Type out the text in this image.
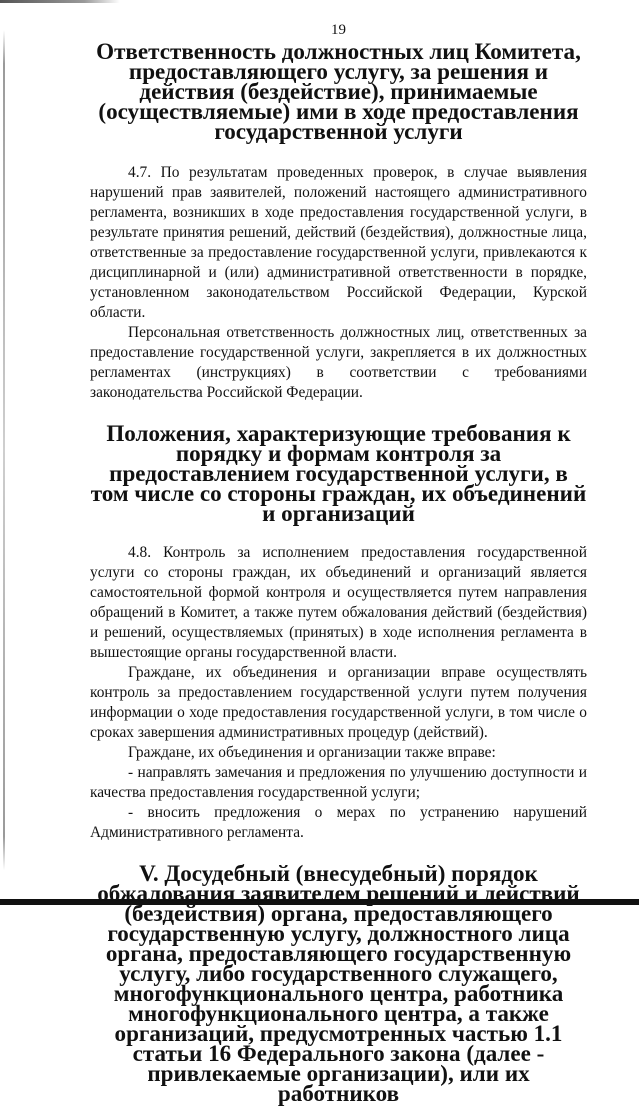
19
Ответственность должностных лиц Комитета, предоставляющего услугу, за решения и действия (бездействие), принимаемые (осуществляемые) ими в ходе предоставления государственной услуги

4.7. По результатам проведенных проверок, в случае выявления нарушений прав заявителей, положений настоящего административного регламента, возникших в ходе предоставления государственной услуги, в результате принятия решений, действий (бездействия), должностные лица, ответственные за предоставление государственной услуги, привлекаются к дисциплинарной и (или) административной ответственности в порядке, установленном законодательством Российской Федерации, Курской области.

Персональная ответственность должностных лиц, ответственных за предоставление государственной услуги, закрепляется в их должностных регламентах (инструкциях) в соответствии с требованиями законодательства Российской Федерации.

Положения, характеризующие требования к порядку и формам контроля за предоставлением государственной услуги, в том числе со стороны граждан, их объединений и организаций

4.8. Контроль за исполнением предоставления государственной услуги со стороны граждан, их объединений и организаций является самостоятельной формой контроля и осуществляется путем направления обращений в Комитет, а также путем обжалования действий (бездействия) и решений, осуществляемых (принятых) в ходе исполнения регламента в вышестоящие органы государственной власти.

Граждане, их объединения и организации вправе осуществлять контроль за предоставлением государственной услуги путем получения информации о ходе предоставления государственной услуги, в том числе о сроках завершения административных процедур (действий).

Граждане, их объединения и организации также вправе:

- направлять замечания и предложения по улучшению доступности и качества предоставления государственной услуги;

- вносить предложения о мерах по устранению нарушений Административного регламента.

V. Досудебный (внесудебный) порядок обжалования заявителем решений и действий (бездействия) органа, предоставляющего государственную услугу, должностного лица органа, предоставляющего государственную услугу, либо государственного служащего, многофункционального центра, работника многофункционального центра, а также организаций, предусмотренных частью 1.1 статьи 16 Федерального закона (далее - привлекаемые организации), или их работников
